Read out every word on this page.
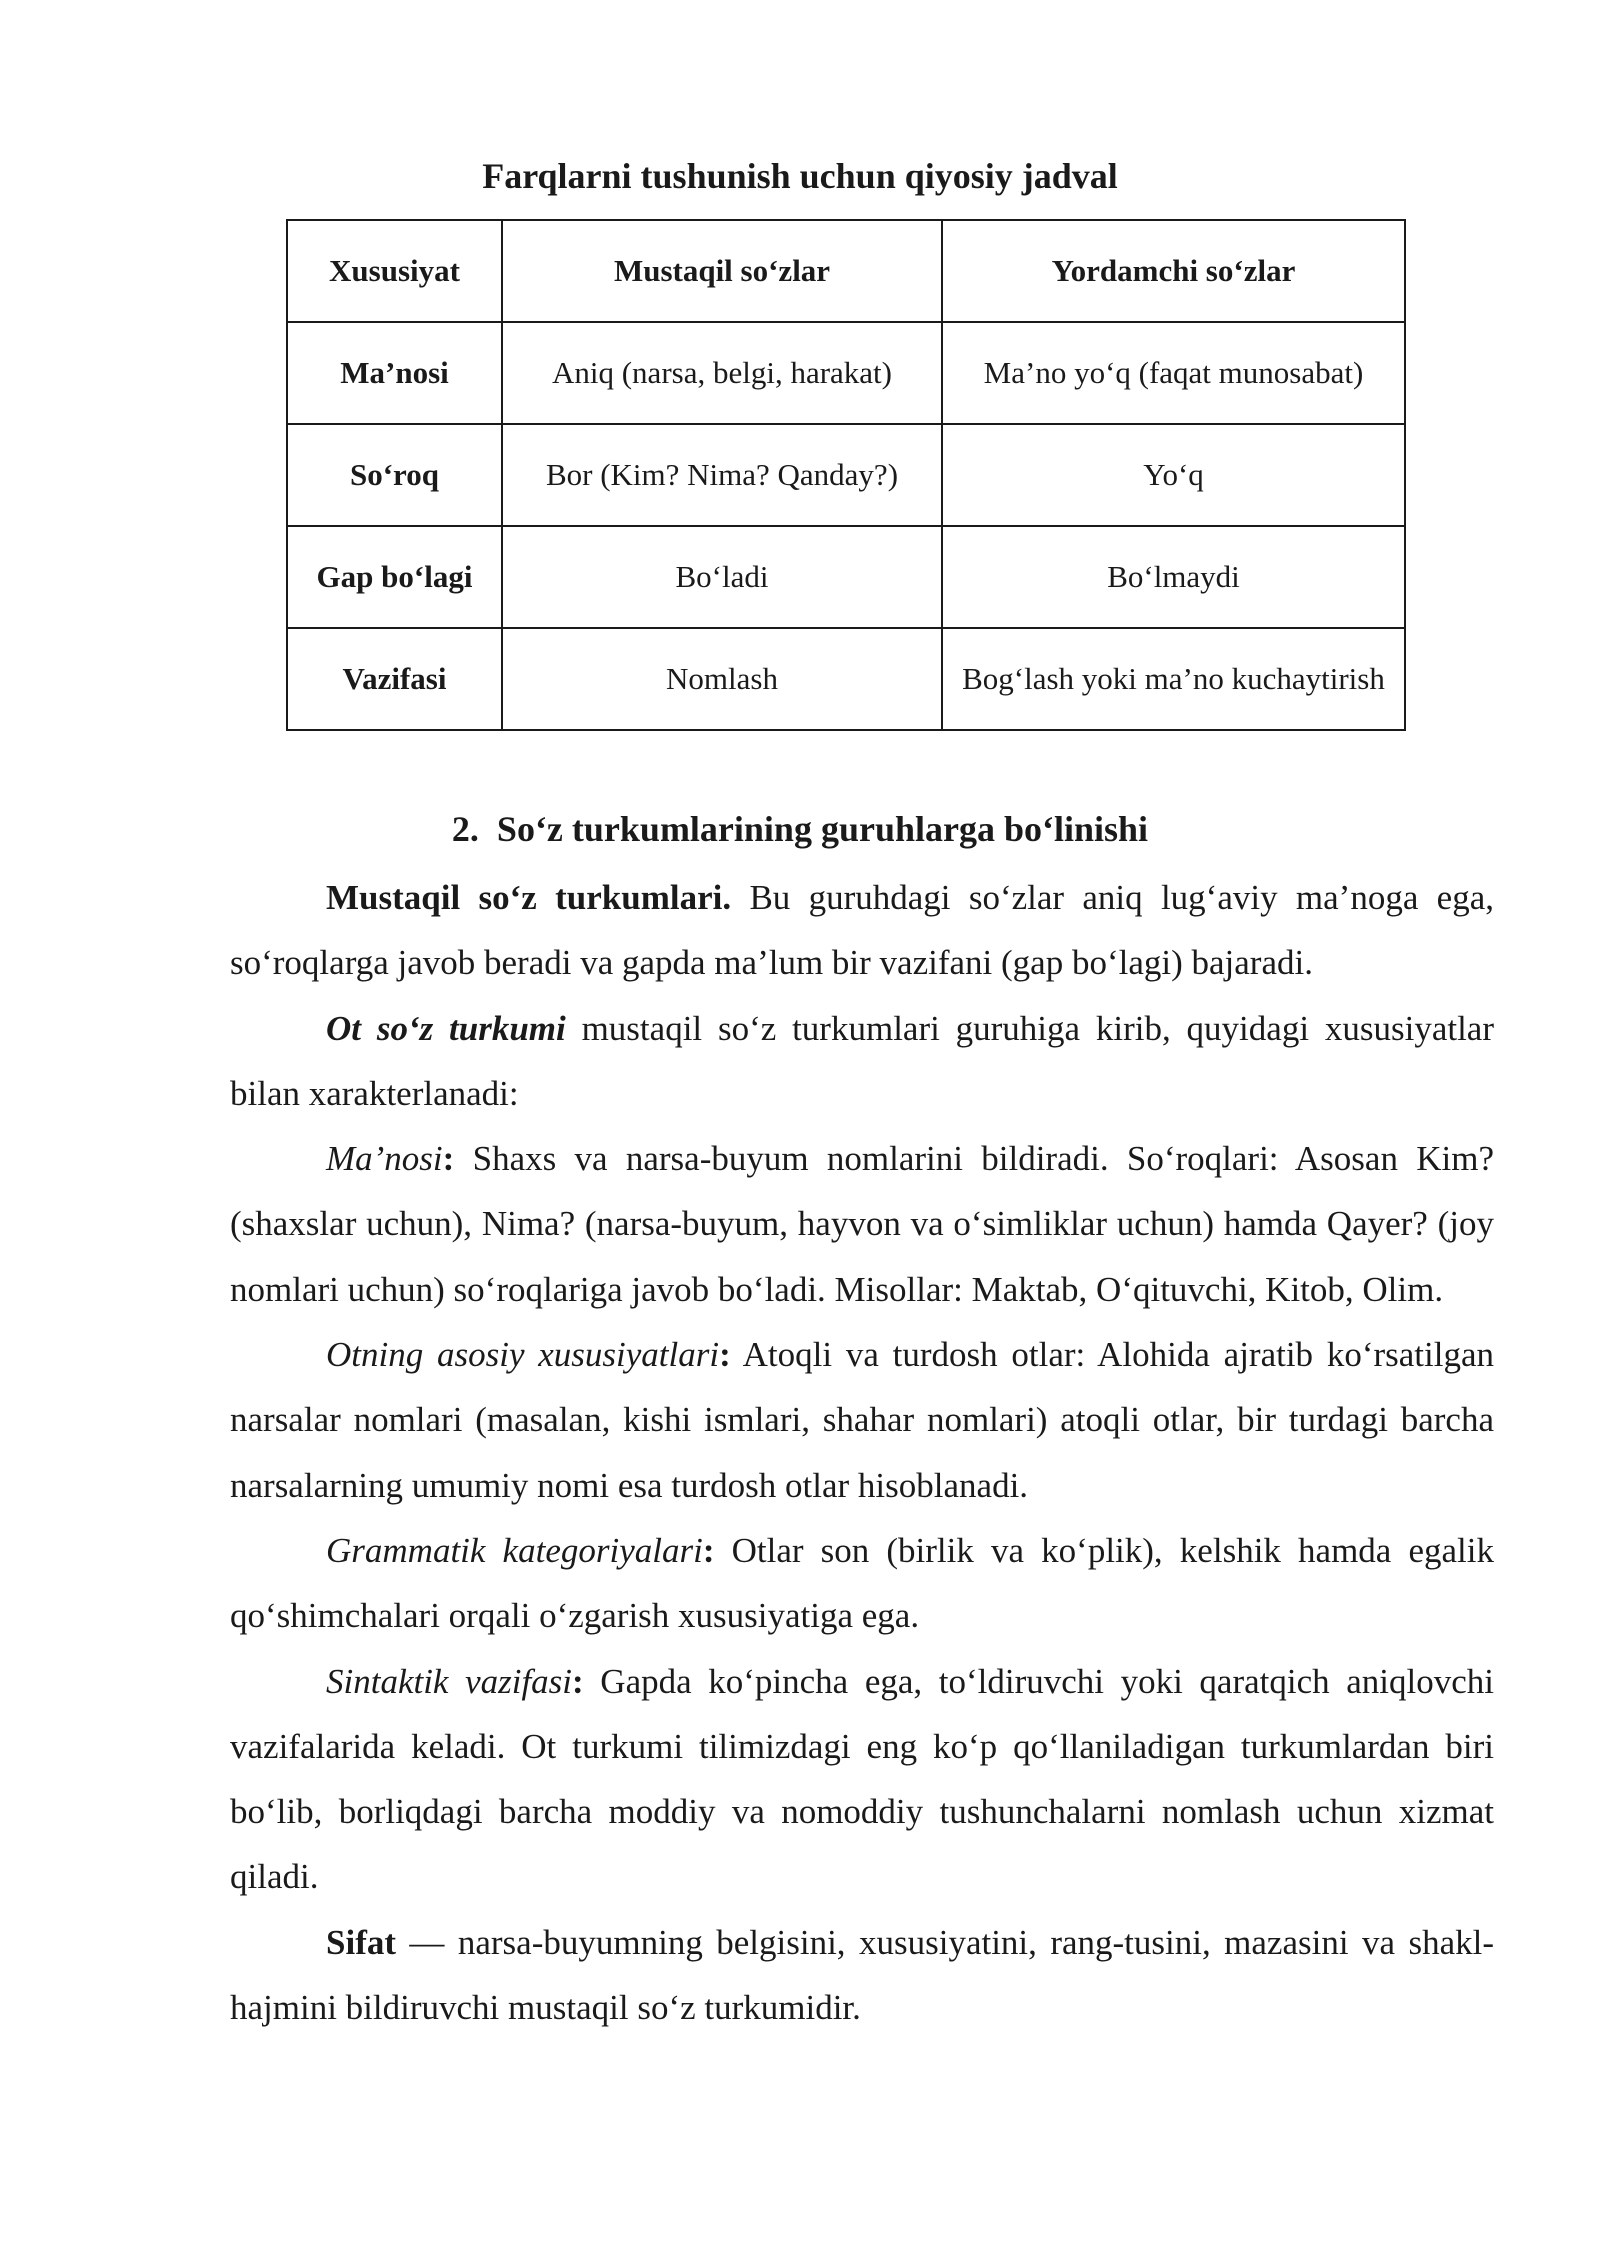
Farqlarni tushunish uchun qiyosiy jadval
Xususiyat	Mustaqil so‘zlar	Yordamchi so‘zlar
Ma’nosi	Aniq (narsa, belgi, harakat)	Ma’no yo‘q (faqat munosabat)
So‘roq	Bor (Kim? Nima? Qanday?)	Yo‘q
Gap bo‘lagi	Bo‘ladi	Bo‘lmaydi
Vazifasi	Nomlash	Bog‘lash yoki ma’no kuchaytirish
2. So‘z turkumlarining guruhlarga bo‘linishi

Mustaqil so‘z turkumlari. Bu guruhdagi so‘zlar aniq lug‘aviy ma’noga ega, so‘roqlarga javob beradi va gapda ma’lum bir vazifani (gap bo‘lagi) bajaradi.

Ot so‘z turkumi mustaqil so‘z turkumlari guruhiga kirib, quyidagi xususiyatlar bilan xarakterlanadi:

Ma’nosi: Shaxs va narsa-buyum nomlarini bildiradi. So‘roqlari: Asosan Kim? (shaxslar uchun), Nima? (narsa-buyum, hayvon va o‘simliklar uchun) hamda Qayer? (joy nomlari uchun) so‘roqlariga javob bo‘ladi. Misollar: Maktab, O‘qituvchi, Kitob, Olim.

Otning asosiy xususiyatlari: Atoqli va turdosh otlar: Alohida ajratib ko‘rsatilgan narsalar nomlari (masalan, kishi ismlari, shahar nomlari) atoqli otlar, bir turdagi barcha narsalarning umumiy nomi esa turdosh otlar hisoblanadi.

Grammatik kategoriyalari: Otlar son (birlik va ko‘plik), kelshik hamda egalik qo‘shimchalari orqali o‘zgarish xususiyatiga ega.

Sintaktik vazifasi: Gapda ko‘pincha ega, to‘ldiruvchi yoki qaratqich aniqlovchi vazifalarida keladi. Ot turkumi tilimizdagi eng ko‘p qo‘llaniladigan turkumlardan biri bo‘lib, borliqdagi barcha moddiy va nomoddiy tushunchalarni nomlash uchun xizmat qiladi.

Sifat — narsa-buyumning belgisini, xususiyatini, rang-tusini, mazasini va shakl-hajmini bildiruvchi mustaqil so‘z turkumidir.
